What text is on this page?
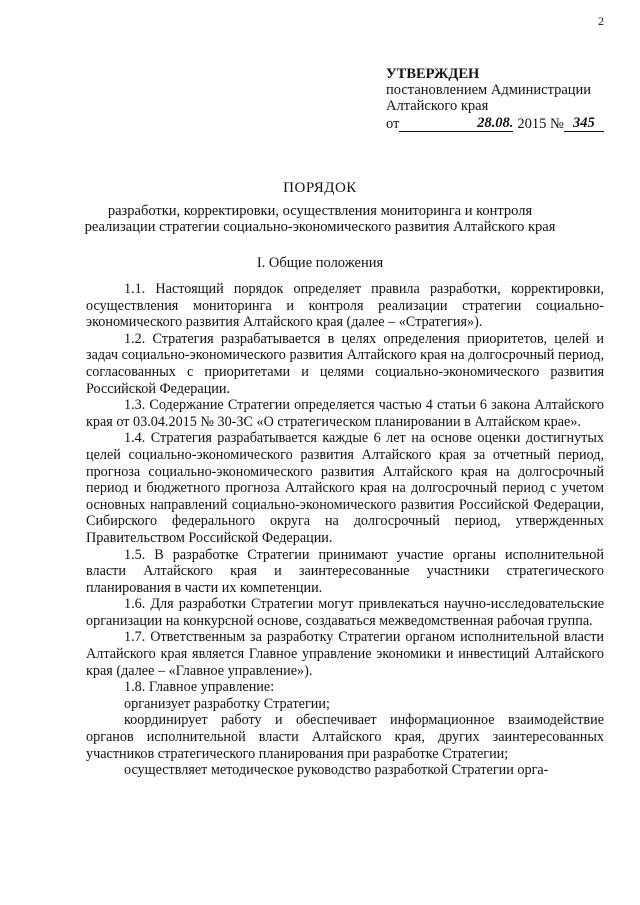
2
УТВЕРЖДЕН
постановлением Администрации
Алтайского края
от	28.08. 2015 № 345
ПОРЯДОК
разработки, корректировки, осуществления мониторинга и контроля
реализации стратегии социально-экономического развития Алтайского края
I. Общие положения

1.1. Настоящий порядок определяет правила разработки, корректировки, осуществления мониторинга и контроля реализации стратегии социально-экономического развития Алтайского края (далее – «Стратегия»).

1.2. Стратегия разрабатывается в целях определения приоритетов, целей и задач социально-экономического развития Алтайского края на долгосрочный период, согласованных с приоритетами и целями социально-экономического развития Российской Федерации.

1.3. Содержание Стратегии определяется частью 4 статьи 6 закона Алтайского края от 03.04.2015 № 30-ЗС «О стратегическом планировании в Алтайском крае».

1.4. Стратегия разрабатывается каждые 6 лет на основе оценки достигнутых целей социально-экономического развития Алтайского края за отчетный период, прогноза социально-экономического развития Алтайского края на долгосрочный период и бюджетного прогноза Алтайского края на долгосрочный период с учетом основных направлений социально-экономического развития Российской Федерации, Сибирского федерального округа на долгосрочный период, утвержденных Правительством Российской Федерации.

1.5. В разработке Стратегии принимают участие органы исполнительной власти Алтайского края и заинтересованные участники стратегического планирования в части их компетенции.

1.6. Для разработки Стратегии могут привлекаться научно-исследовательские организации на конкурсной основе, создаваться межведомственная рабочая группа.

1.7. Ответственным за разработку Стратегии органом исполнительной власти Алтайского края является Главное управление экономики и инвестиций Алтайского края (далее – «Главное управление»).

1.8. Главное управление:

организует разработку Стратегии;

координирует работу и обеспечивает информационное взаимодействие органов исполнительной власти Алтайского края, других заинтересованных участников стратегического планирования при разработке Стратегии;

осуществляет методическое руководство разработкой Стратегии орга-
